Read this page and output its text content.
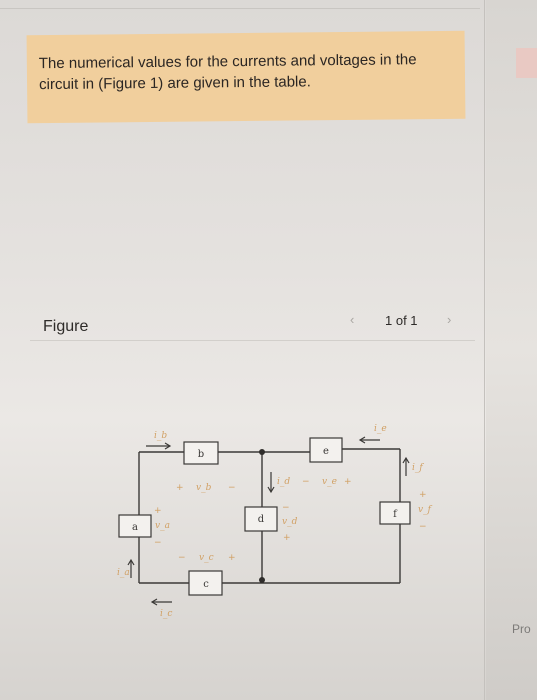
Pro

The numerical values for the currents and voltages in the circuit in (Figure 1) are given in the table.

Figure	‹ 1 of 1 ›
a
b
c
d
e
f
i_b
i_e
i_d
i_f
i_a
i_c
+ v_b −
− v_e +
−
v_d
+
+
v_f
−
+
v_a
−
− v_c +
